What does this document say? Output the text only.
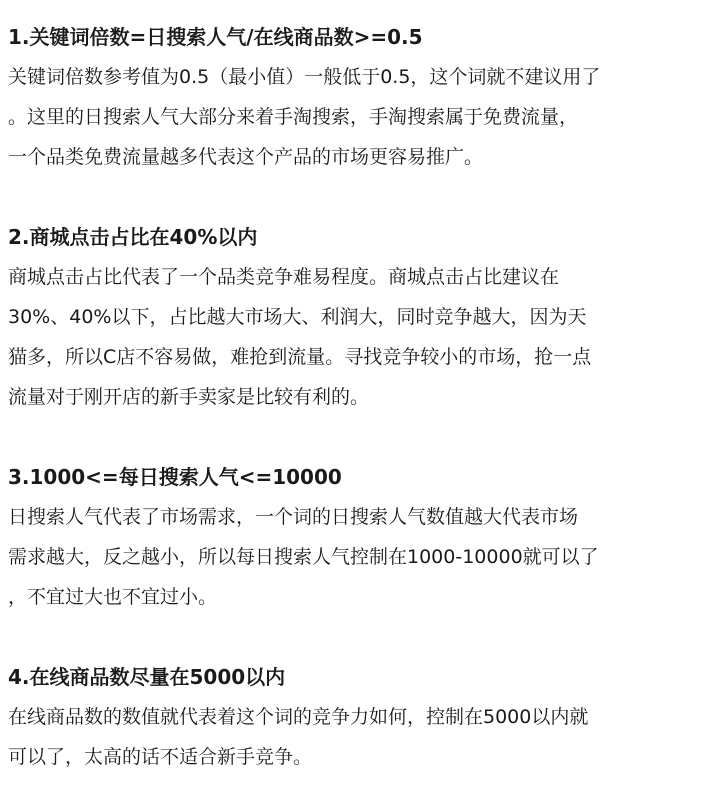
1.关键词倍数=日搜索人气/在线商品数>=0.5

关键词倍数参考值为0.5（最小值）一般低于0.5，这个词就不建议用了

。这里的日搜索人气大部分来着手淘搜索，手淘搜索属于免费流量，

一个品类免费流量越多代表这个产品的市场更容易推广。

2.商城点击占比在40%以内

商城点击占比代表了一个品类竞争难易程度。商城点击占比建议在

30%、40%以下，占比越大市场大、利润大，同时竞争越大，因为天

猫多，所以C店不容易做，难抢到流量。寻找竞争较小的市场，抢一点

流量对于刚开店的新手卖家是比较有利的。

3.1000<=每日搜索人气<=10000

日搜索人气代表了市场需求，一个词的日搜索人气数值越大代表市场

需求越大，反之越小，所以每日搜索人气控制在1000-10000就可以了

，不宜过大也不宜过小。

4.在线商品数尽量在5000以内

在线商品数的数值就代表着这个词的竞争力如何，控制在5000以内就

可以了，太高的话不适合新手竞争。
